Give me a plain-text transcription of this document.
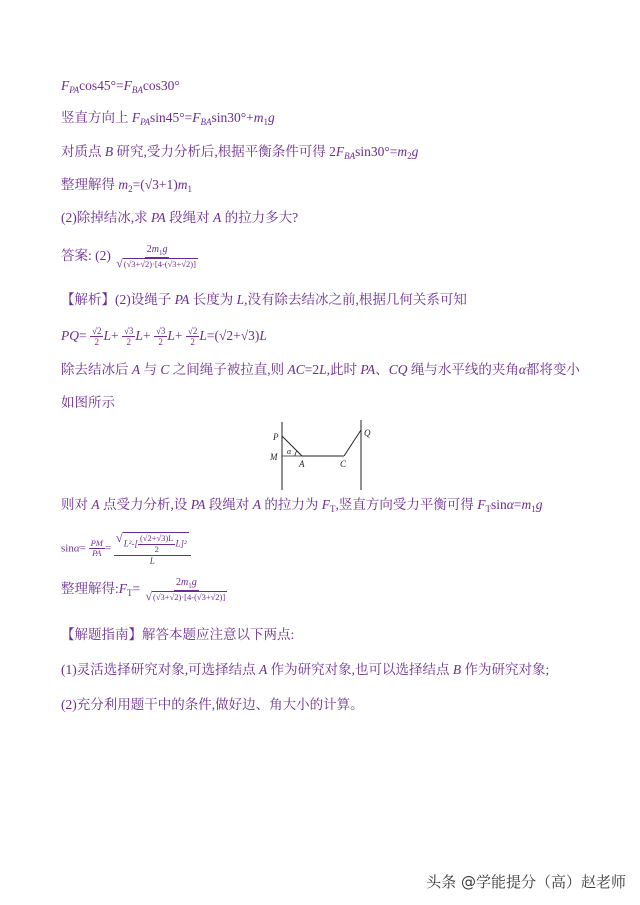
$F_{PA}\cos 45^\circ=F_{BA}\cos 30^\circ$
竖直方向上 $F_{PA}\sin 45^\circ=F_{BA}\sin 30^\circ+m_1g$
对质点 B 研究,受力分析后,根据平衡条件可得 $2F_{BA}\sin 30^\circ=m_2g$
整理解得 $m_2=(√3+1)m_1$
(2)除掉结冰,求 PA 段绳对 A 的拉力多大?
答案: (2) $2m_1g$
√ (√3+√2)·[4-(√3+√2)]
【解析】(2)设绳子 PA 长度为 L,没有除去结冰之前,根据几何关系可知
$PQ= \frac{√2}{2} L+ \frac{√3}{2} L+ \frac{√3}{2} L+ \frac{√2}{2} L=(√2+√3)L$
除去结冰后 A 与 C 之间绳子被拉直,则 AC=2L,此时 PA、CQ 绳与水平线的夹角α都将变小
如图所示
α
P
M
A	C
Q
则对 A 点受力分析,设 PA 段绳对 A 的拉力为 $F_T$,竖直方向受力平衡可得 $F_T\sin\alpha=m_1g$
$\sin\alpha= \frac{PM}{PA}$ =
√ $\frac{L^2-[ \frac{(√2+√3)L}{2} L]^2}{L}$
整理解得$:F_T= 2m_1g$
√ (√3+√2)·[4-(√3+√2)]
【解题指南】解答本题应注意以下两点:
(1)灵活选择研究对象,可选择结点 A 作为研究对象,也可以选择结点 B 作为研究对象;
(2)充分利用题干中的条件,做好边、角大小的计算。
头条 @学能提分（高）赵老师
